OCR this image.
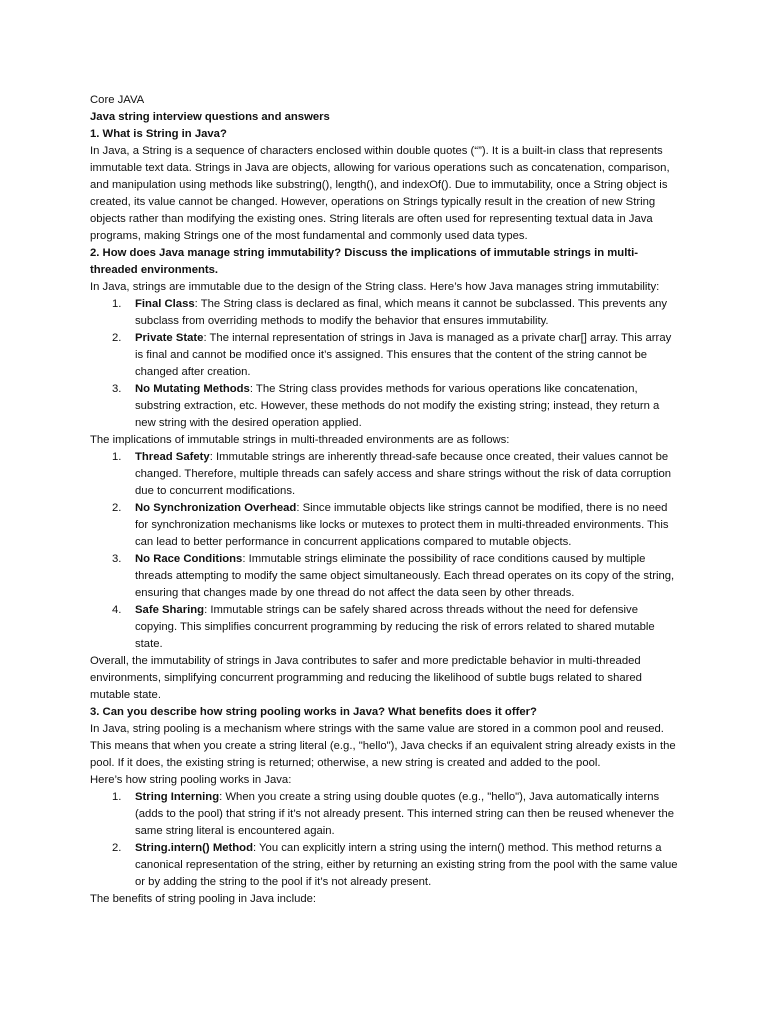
Core JAVA

Java string interview questions and answers

1. What is String in Java?

In Java, a String is a sequence of characters enclosed within double quotes (“”). It is a built-in class that represents immutable text data. Strings in Java are objects, allowing for various operations such as concatenation, comparison, and manipulation using methods like substring(), length(), and indexOf(). Due to immutability, once a String object is created, its value cannot be changed. However, operations on Strings typically result in the creation of new String objects rather than modifying the existing ones. String literals are often used for representing textual data in Java programs, making Strings one of the most fundamental and commonly used data types.

2. How does Java manage string immutability? Discuss the implications of immutable strings in multi-threaded environments.

In Java, strings are immutable due to the design of the String class. Here’s how Java manages string immutability:

1. Final Class: The String class is declared as final, which means it cannot be subclassed. This prevents any subclass from overriding methods to modify the behavior that ensures immutability.
2. Private State: The internal representation of strings in Java is managed as a private char[] array. This array is final and cannot be modified once it’s assigned. This ensures that the content of the string cannot be changed after creation.
3. No Mutating Methods: The String class provides methods for various operations like concatenation, substring extraction, etc. However, these methods do not modify the existing string; instead, they return a new string with the desired operation applied.

The implications of immutable strings in multi-threaded environments are as follows:

1. Thread Safety: Immutable strings are inherently thread-safe because once created, their values cannot be changed. Therefore, multiple threads can safely access and share strings without the risk of data corruption due to concurrent modifications.
2. No Synchronization Overhead: Since immutable objects like strings cannot be modified, there is no need for synchronization mechanisms like locks or mutexes to protect them in multi-threaded environments. This can lead to better performance in concurrent applications compared to mutable objects.
3. No Race Conditions: Immutable strings eliminate the possibility of race conditions caused by multiple threads attempting to modify the same object simultaneously. Each thread operates on its copy of the string, ensuring that changes made by one thread do not affect the data seen by other threads.
4. Safe Sharing: Immutable strings can be safely shared across threads without the need for defensive copying. This simplifies concurrent programming by reducing the risk of errors related to shared mutable state.

Overall, the immutability of strings in Java contributes to safer and more predictable behavior in multi-threaded environments, simplifying concurrent programming and reducing the likelihood of subtle bugs related to shared mutable state.

3. Can you describe how string pooling works in Java? What benefits does it offer?

In Java, string pooling is a mechanism where strings with the same value are stored in a common pool and reused. This means that when you create a string literal (e.g., "hello"), Java checks if an equivalent string already exists in the pool. If it does, the existing string is returned; otherwise, a new string is created and added to the pool.

Here’s how string pooling works in Java:

1. String Interning: When you create a string using double quotes (e.g., "hello"), Java automatically interns (adds to the pool) that string if it’s not already present. This interned string can then be reused whenever the same string literal is encountered again.
2. String.intern() Method: You can explicitly intern a string using the intern() method. This method returns a canonical representation of the string, either by returning an existing string from the pool with the same value or by adding the string to the pool if it’s not already present.

The benefits of string pooling in Java include:
